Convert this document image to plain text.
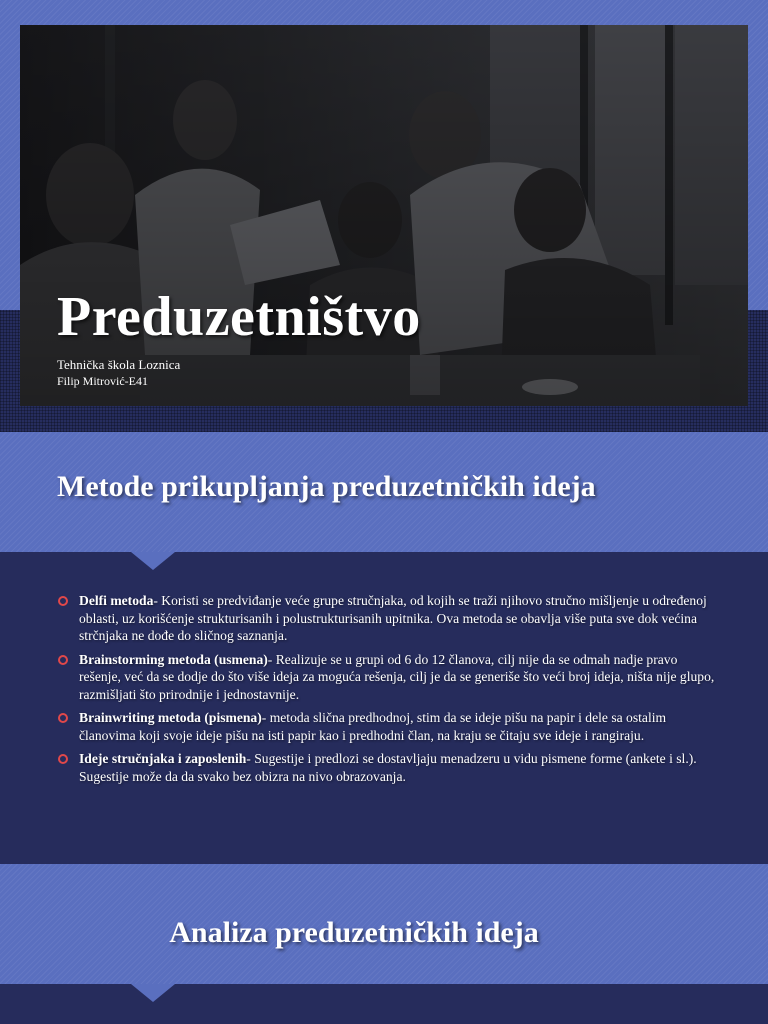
Preduzetništvo
Tehnička škola Loznica
Filip Mitrović-E41
Metode prikupljanja preduzetničkih ideja
Delfi metoda- Koristi se predviđanje veće grupe stručnjaka, od kojih se traži njihovo stručno mišljenje u određenoj oblasti, uz korišćenje strukturisanih i polustrukturisanih upitnika. Ova metoda se obavlja više puta sve dok većina strčnjaka ne dođe do sličnog saznanja.
Brainstorming metoda (usmena)- Realizuje se u grupi od 6 do 12 članova, cilj nije da se odmah nadje pravo rešenje, već da se dodje do što više ideja za moguća rešenja, cilj je da se generiše što veći broj ideja, ništa nije glupo, razmišljati što prirodnije i jednostavnije.
Brainwriting metoda (pismena)- metoda slična predhodnoj, stim da se ideje pišu na papir i dele sa ostalim članovima koji svoje ideje pišu na isti papir kao i predhodni član, na kraju se čitaju sve ideje i rangiraju.
Ideje stručnjaka i zaposlenih- Sugestije i predlozi se dostavljaju menadzeru u vidu pismene forme (ankete i sl.). Sugestije može da da svako bez obizra na nivo obrazovanja.
Analiza preduzetničkih ideja
